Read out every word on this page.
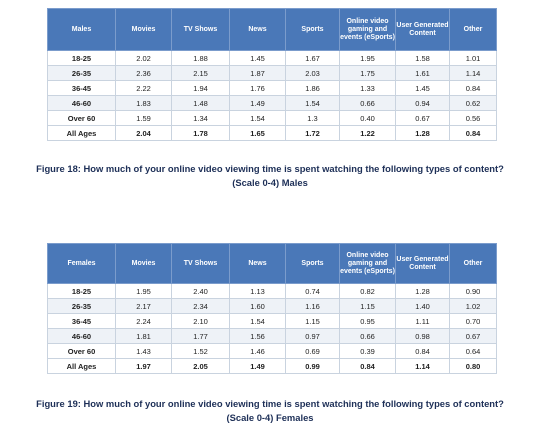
Males	Movies	TV Shows	News	Sports	Online video gaming and events (eSports)	User Generated Content	Other
18-25	2.02	1.88	1.45	1.67	1.95	1.58	1.01
26-35	2.36	2.15	1.87	2.03	1.75	1.61	1.14
36-45	2.22	1.94	1.76	1.86	1.33	1.45	0.84
46-60	1.83	1.48	1.49	1.54	0.66	0.94	0.62
Over 60	1.59	1.34	1.54	1.3	0.40	0.67	0.56
All Ages	2.04	1.78	1.65	1.72	1.22	1.28	0.84
Figure 18: How much of your online video viewing time is spent watching the following types of content?
(Scale 0-4) Males
Females	Movies	TV Shows	News	Sports	Online video gaming and events (eSports)	User Generated Content	Other
18-25	1.95	2.40	1.13	0.74	0.82	1.28	0.90
26-35	2.17	2.34	1.60	1.16	1.15	1.40	1.02
36-45	2.24	2.10	1.54	1.15	0.95	1.11	0.70
46-60	1.81	1.77	1.56	0.97	0.66	0.98	0.67
Over 60	1.43	1.52	1.46	0.69	0.39	0.84	0.64
All Ages	1.97	2.05	1.49	0.99	0.84	1.14	0.80
Figure 19: How much of your online video viewing time is spent watching the following types of content?
(Scale 0-4) Females
